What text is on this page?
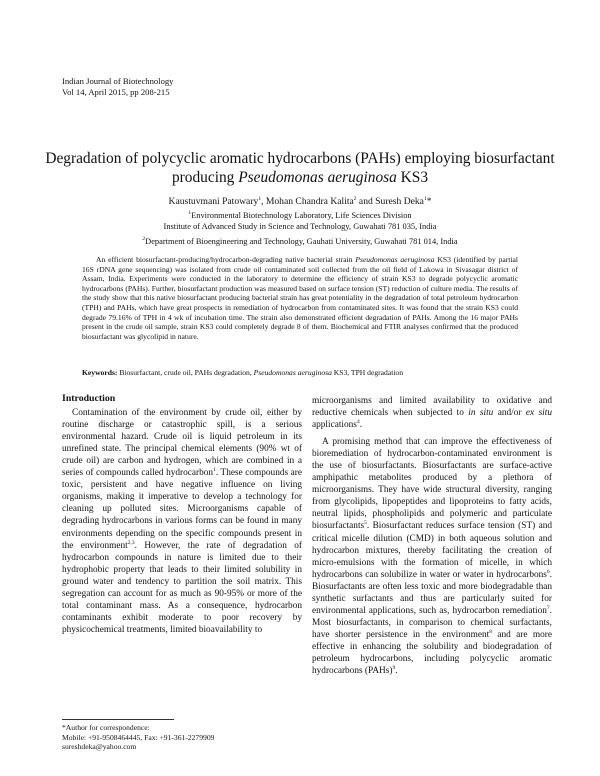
Indian Journal of Biotechnology
Vol 14, April 2015, pp 208-215
Degradation of polycyclic aromatic hydrocarbons (PAHs) employing biosurfactant
producing Pseudomonas aeruginosa KS3
Kaustuvmani Patowary$^1$, Mohan Chandra Kalita$^2$ and Suresh Deka$^1$*
$^1$Environmental Biotechnology Laboratory, Life Sciences Division
Institute of Advanced Study in Science and Technology, Guwahati 781 035, India
$^2$Department of Bioengineering and Technology, Gauhati University, Guwahati 781 014, India
An efficient biosurfactant-producing/hydrocarbon-degrading native bacterial strain Pseudomonas aeruginosa KS3 (identified by partial 16S rDNA gene sequencing) was isolated from crude oil contaminated soil collected from the oil field of Lakowa in Sivasagar district of Assam, India. Experiments were conducted in the laboratory to determine the efficiency of strain KS3 to degrade polycyclic aromatic hydrocarbons (PAHs). Further, biosurfactant production was measured based on surface tension (ST) reduction of culture media. The results of the study show that this native biosurfactant producing bacterial strain has great potentiality in the degradation of total petroleum hydrocarbon (TPH) and PAHs, which have great prospects in remediation of hydrocarbon from contaminated sites. It was found that the strain KS3 could degrade 79.16% of TPH in 4 wk of incubation time. The strain also demonstrated efficient degradation of PAHs. Among the 16 major PAHs present in the crude oil sample, strain KS3 could completely degrade 8 of them. Biochemical and FTIR analyses confirmed that the produced biosurfactant was glycolipid in nature.
Keywords: Biosurfactant, crude oil, PAHs degradation, Pseudomonas aeruginosa KS3, TPH degradation
Introduction

Contamination of the environment by crude oil, either by routine discharge or catastrophic spill, is a serious environmental hazard. Crude oil is liquid petroleum in its unrefined state. The principal chemical elements (90% wt of crude oil) are carbon and hydrogen, which are combined in a series of compounds called hydrocarbon$^1$. These compounds are toxic, persistent and have negative influence on living organisms, making it imperative to develop a technology for cleaning up polluted sites. Microorganisms capable of degrading hydrocarbons in various forms can be found in many environments depending on the specific compounds present in the environment$^{2,3}$. However, the rate of degradation of hydrocarbon compounds in nature is limited due to their hydrophobic property that leads to their limited solubility in ground water and tendency to partition the soil matrix. This segregation can account for as much as 90-95% or more of the total contaminant mass. As a consequence, hydrocarbon contaminants exhibit moderate to poor recovery by physicochemical treatments, limited bioavailability to

microorganisms and limited availability to oxidative and reductive chemicals when subjected to in situ and/or ex situ applications$^4$.

A promising method that can improve the effectiveness of bioremediation of hydrocarbon-contaminated environment is the use of biosurfactants. Biosurfactants are surface-active amphipathic metabolites produced by a plethora of microorganisms. They have wide structural diversity, ranging from glycolipids, lipopeptides and lipoproteins to fatty acids, neutral lipids, phospholipids and polymeric and particulate biosurfactants$^5$. Biosurfactant reduces surface tension (ST) and critical micelle dilution (CMD) in both aqueous solution and hydrocarbon mixtures, thereby facilitating the creation of micro-emulsions with the formation of micelle, in which hydrocarbons can solubilize in water or water in hydrocarbons$^6$. Biosurfactants are often less toxic and more biodegradable than synthetic surfactants and thus are particularly suited for environmental applications, such as, hydrocarbon remediation$^7$. Most biosurfactants, in comparison to chemical surfactants, have shorter persistence in the environment$^8$ and are more effective in enhancing the solubility and biodegradation of petroleum hydrocarbons, including polycyclic aromatic hydrocarbons (PAHs)$^9$.

*Author for correspondence:
Mobile: +91-9508464445, Fax: +91-361-2279909
sureshdeka@yahoo.com
